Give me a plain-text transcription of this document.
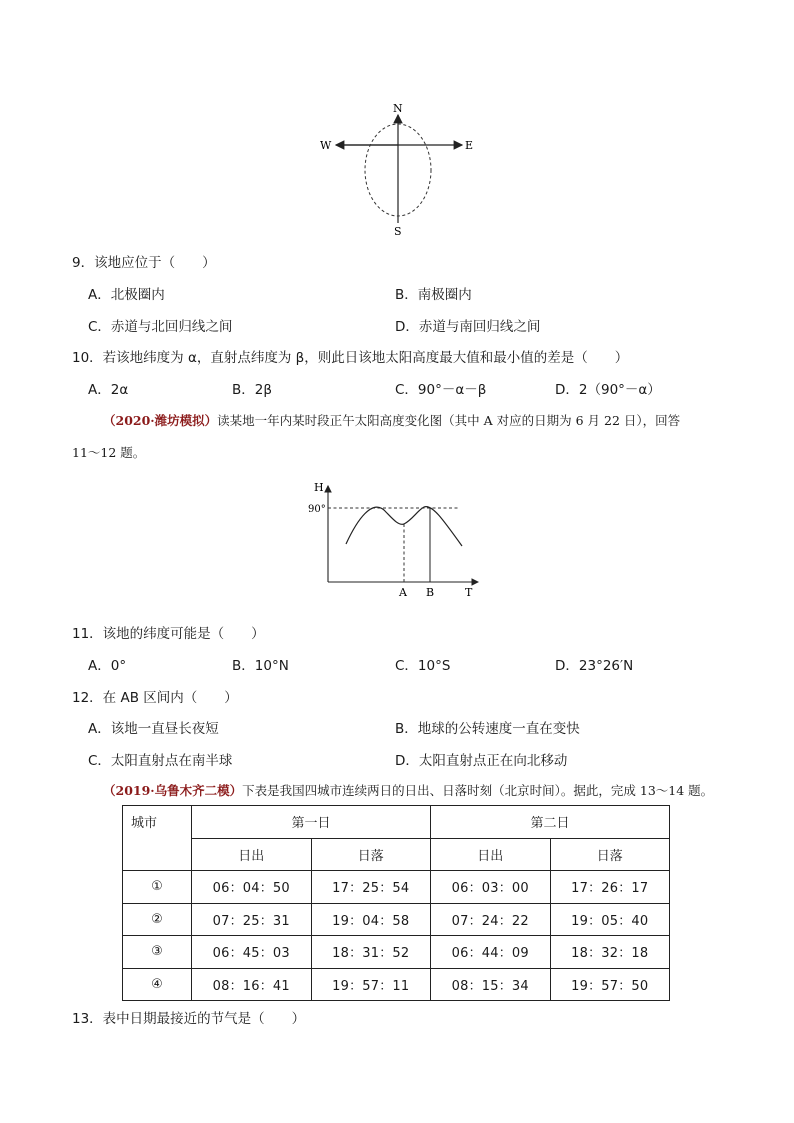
N
S
W	E
9．该地应位于（　　）
A．北极圈内	B．南极圈内
C．赤道与北回归线之间	D．赤道与南回归线之间
10．若该地纬度为 α，直射点纬度为 β，则此日该地太阳高度最大值和最小值的差是（　　）
A．2α	B．2β	C．90°－α－β	D．2（90°－α）
（2020·潍坊模拟）读某地一年内某时段正午太阳高度变化图（其中 A 对应的日期为 6 月 22 日），回答
11～12 题。
H
90°
A B	T
11．该地的纬度可能是（　　）
A．0°	B．10°N	C．10°S	D．23°26′N
12．在 AB 区间内（　　）
A．该地一直昼长夜短	B．地球的公转速度一直在变快
C．太阳直射点在南半球	D．太阳直射点正在向北移动
（2019·乌鲁木齐二模）下表是我国四城市连续两日的日出、日落时刻（北京时间）。据此，完成 13～14 题。
城市	第一日		第二日	
	日出	日落	日出	日落
①	06：04：50	17：25：54	06：03：00	17：26：17
②	07：25：31	19：04：58	07：24：22	19：05：40
③	06：45：03	18：31：52	06：44：09	18：32：18
④	08：16：41	19：57：11	08：15：34	19：57：50
13．表中日期最接近的节气是（　　）
